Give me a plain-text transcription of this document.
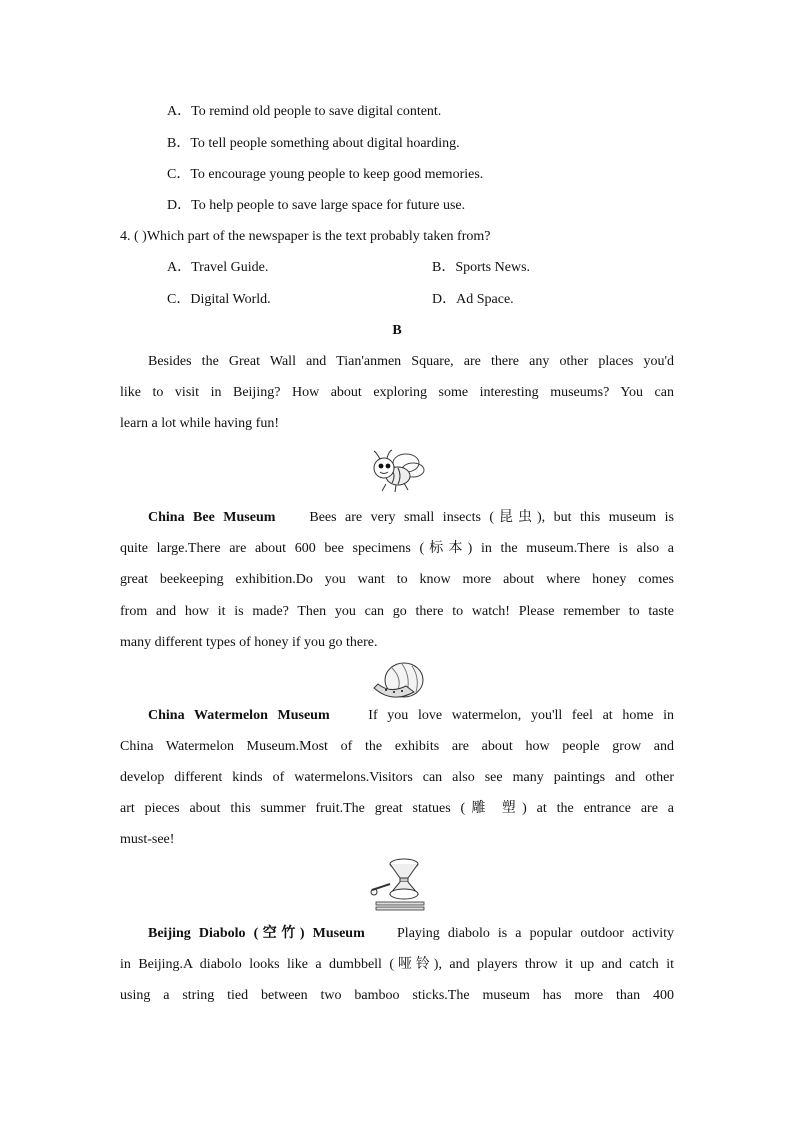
A．To remind old people to save digital content.
B．To tell people something about digital hoarding.
C．To encourage young people to keep good memories.
D．To help people to save large space for future use.
4. ( )Which part of the newspaper is the text probably taken from?
A．Travel Guide.	B．Sports News.
C．Digital World.	D．Ad Space.
B
Besides the Great Wall and Tian'anmen Square, are there any other places you'd
like to visit in Beijing? How about exploring some interesting museums? You can
learn a lot while having fun!
China Bee Museum Bees are very small insects (昆虫), but this museum is
quite large.There are about 600 bee specimens (标本) in the museum.There is also a
great beekeeping exhibition.Do you want to know more about where honey comes
from and how it is made? Then you can go there to watch! Please remember to taste
many different types of honey if you go there.
China Watermelon Museum	If you love watermelon, you'll feel at home in
China Watermelon Museum.Most of the exhibits are about how people grow and
develop different kinds of watermelons.Visitors can also see many paintings and other
art pieces about this summer fruit.The great statues (雕 塑) at the entrance are a
must-see!
Beijing Diabolo (空竹) Museum Playing diabolo is a popular outdoor activity
in Beijing.A diabolo looks like a dumbbell (哑铃), and players throw it up and catch it
using a string tied between two bamboo sticks.The museum has more than 400
